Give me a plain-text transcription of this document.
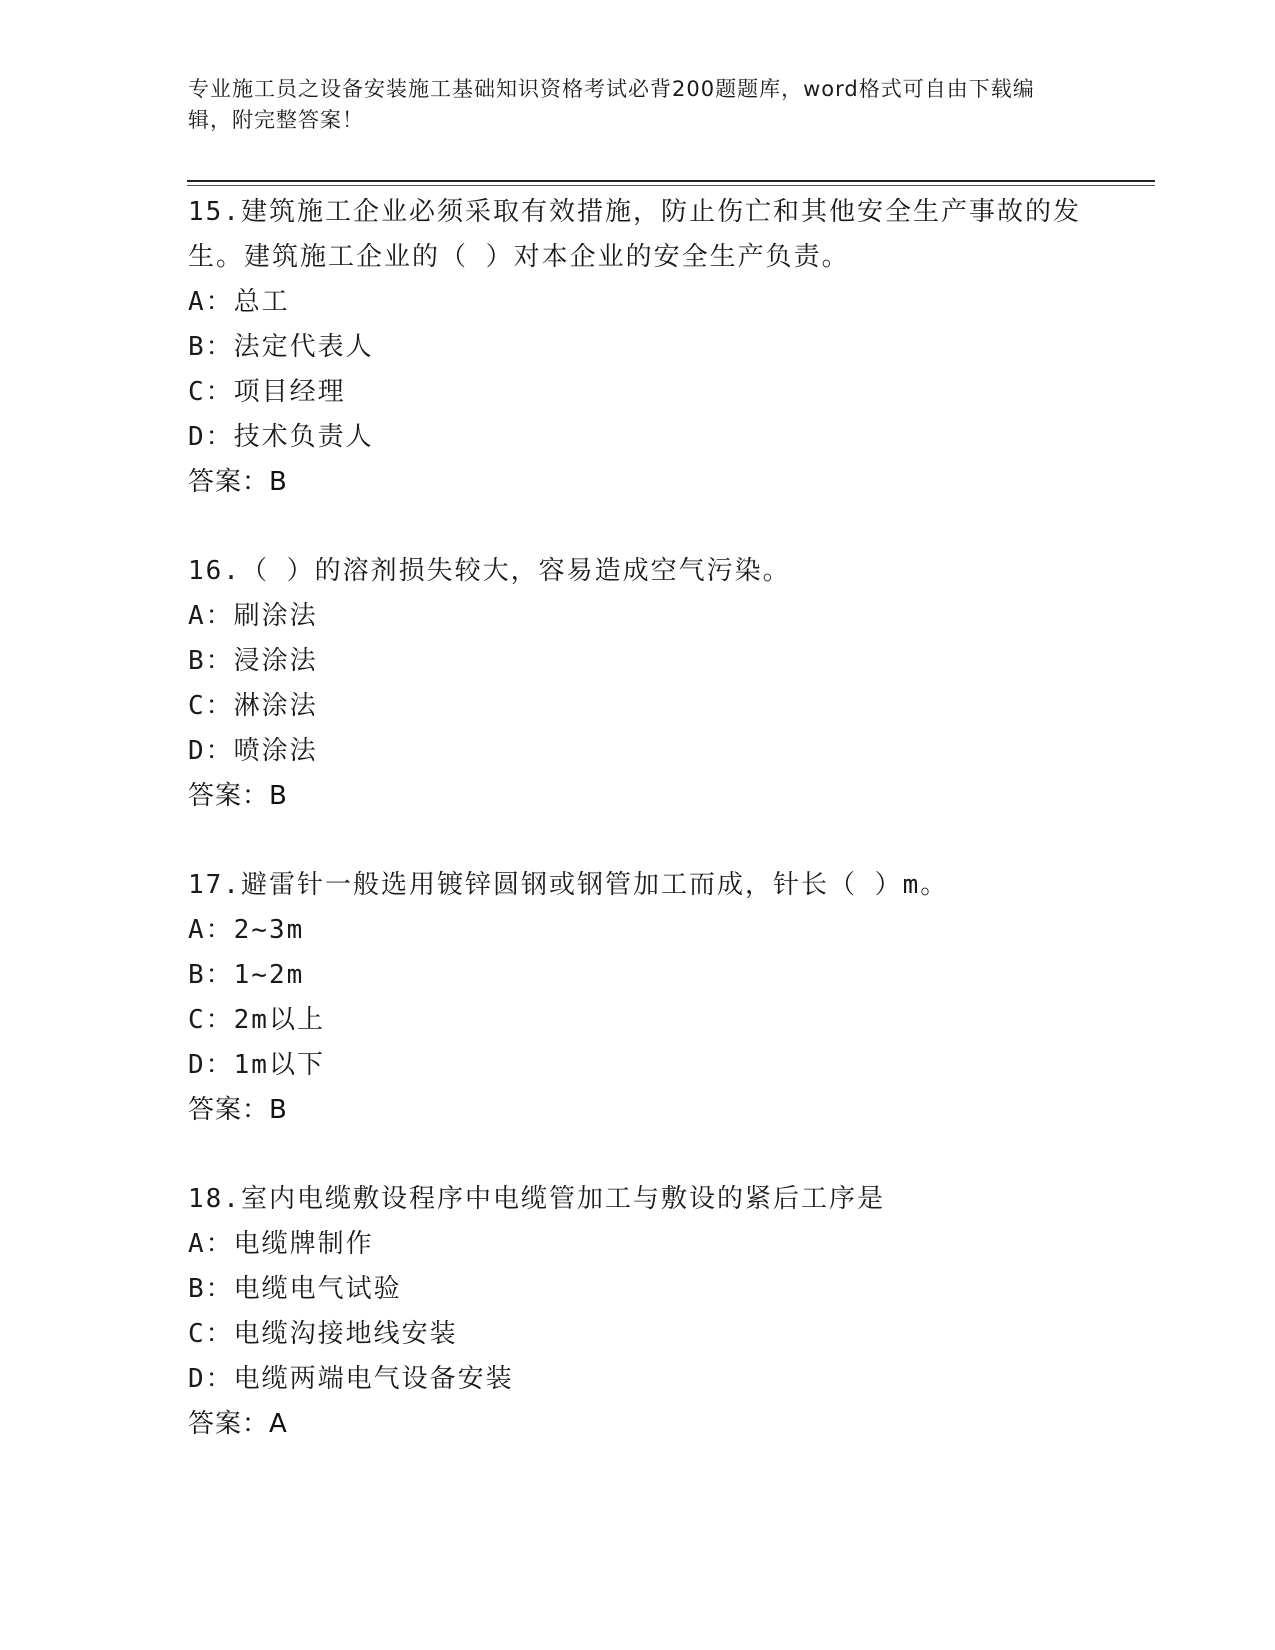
专业施工员之设备安装施工基础知识资格考试必背200题题库，word格式可自由下载编辑，附完整答案！

15.建筑施工企业必须采取有效措施，防止伤亡和其他安全生产事故的发生。建筑施工企业的（ ）对本企业的安全生产负责。

A：总工
B：法定代表人
C：项目经理
D：技术负责人
答案：B

16.（ ）的溶剂损失较大，容易造成空气污染。

A：刷涂法
B：浸涂法
C：淋涂法
D：喷涂法
答案：B

17.避雷针一般选用镀锌圆钢或钢管加工而成，针长（ ）m。

A：2~3m
B：1~2m
C：2m以上
D：1m以下
答案：B

18.室内电缆敷设程序中电缆管加工与敷设的紧后工序是

A：电缆牌制作
B：电缆电气试验
C：电缆沟接地线安装
D：电缆两端电气设备安装
答案：A
